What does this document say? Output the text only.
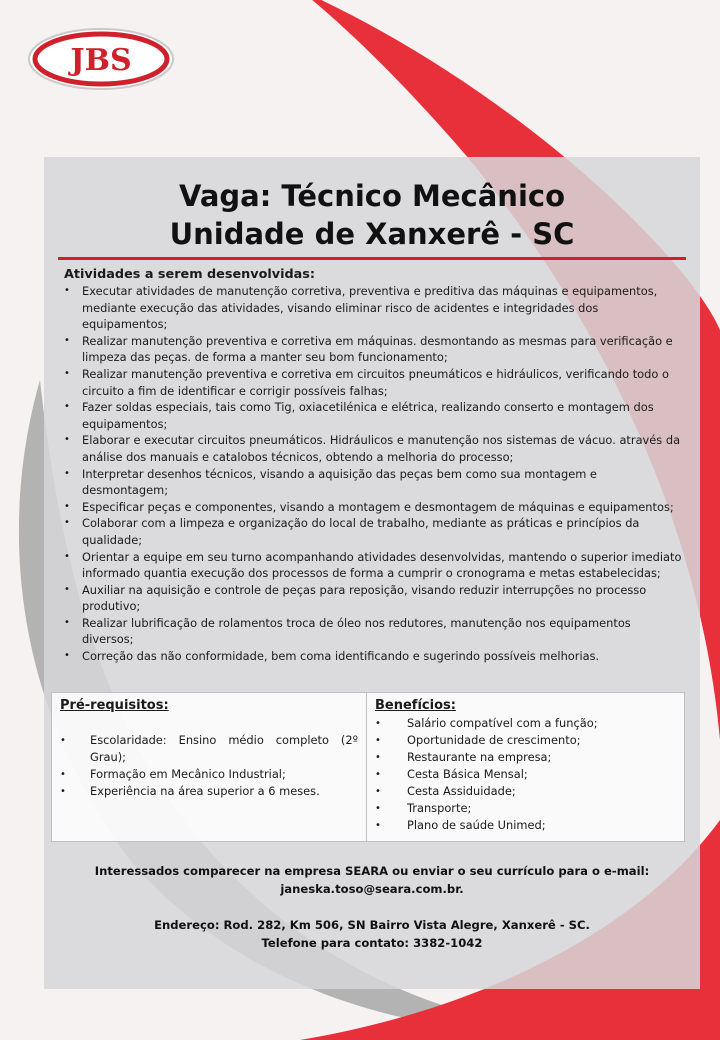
JBS
Vaga: Técnico Mecânico
Unidade de Xanxerê - SC
Atividades a serem desenvolvidas:
• Executar atividades de manutenção corretiva, preventiva e preditiva das máquinas e equipamentos, mediante execução das atividades, visando eliminar risco de acidentes e integridades dos equipamentos;
• Realizar manutenção preventiva e corretiva em máquinas. desmontando as mesmas para verificação e limpeza das peças. de forma a manter seu bom funcionamento;
• Realizar manutenção preventiva e corretiva em circuitos pneumáticos e hidráulicos, verificando todo o circuito a fim de identificar e corrigir possíveis falhas;
• Fazer soldas especiais, tais como Tig, oxiacetilénica e elétrica, realizando conserto e montagem dos equipamentos;
• Elaborar e executar circuitos pneumáticos. Hidráulicos e manutenção nos sistemas de vácuo. através da análise dos manuais e catalobos técnicos, obtendo a melhoria do processo;
• Interpretar desenhos técnicos, visando a aquisição das peças bem como sua montagem e desmontagem;
• Especificar peças e componentes, visando a montagem e desmontagem de máquinas e equipamentos;
• Colaborar com a limpeza e organização do local de trabalho, mediante as práticas e princípios da qualidade;
• Orientar a equipe em seu turno acompanhando atividades desenvolvidas, mantendo o superior imediato informado quantia execução dos processos de forma a cumprir o cronograma e metas estabelecidas;
• Auxiliar na aquisição e controle de peças para reposição, visando reduzir interrupções no processo produtivo;
• Realizar lubrificação de rolamentos troca de óleo nos redutores, manutenção nos equipamentos diversos;
• Correção das não conformidade, bem coma identificando e sugerindo possíveis melhorias.
Pré-requisitos:
• Escolaridade: Ensino médio completo (2º Grau);
• Formação em Mecânico Industrial;
• Experiência na área superior a 6 meses.
Benefícios:
• Salário compatível com a função;
• Oportunidade de crescimento;
• Restaurante na empresa;
• Cesta Básica Mensal;
• Cesta Assiduidade;
• Transporte;
• Plano de saúde Unimed;
Interessados comparecer na empresa SEARA ou enviar o seu currículo para o e-mail:
janeska.toso@seara.com.br.
Endereço: Rod. 282, Km 506, SN Bairro Vista Alegre, Xanxerê - SC.
Telefone para contato: 3382-1042
